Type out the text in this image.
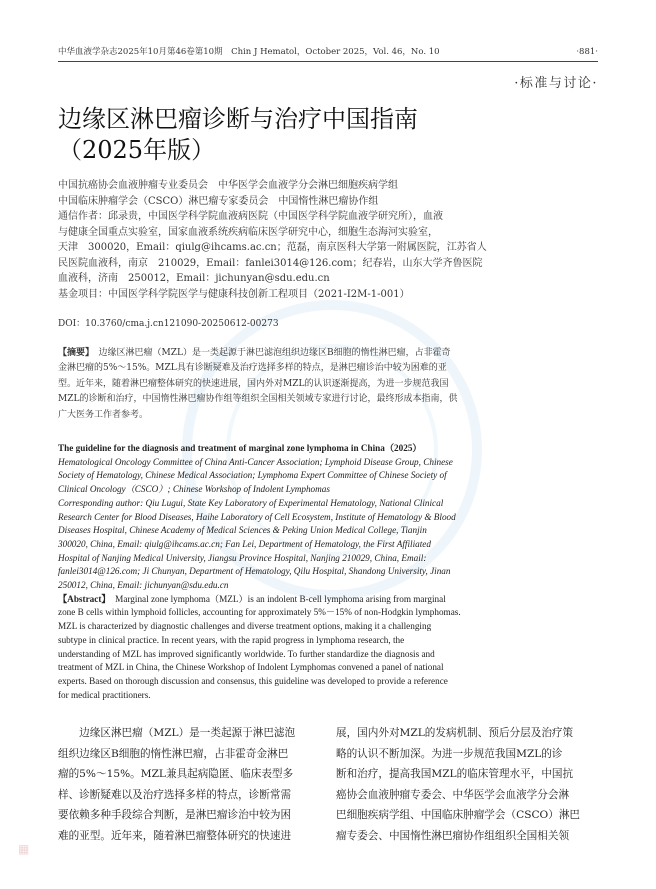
中华血液学杂志2025年10月第46卷第10期　Chin J Hematol，October 2025，Vol. 46，No. 10	·881·
·标准与讨论·
边缘区淋巴瘤诊断与治疗中国指南
（2025年版）
中国抗癌协会血液肿瘤专业委员会　中华医学会血液学分会淋巴细胞疾病学组
中国临床肿瘤学会（CSCO）淋巴瘤专家委员会　中国惰性淋巴瘤协作组
通信作者：邱录贵，中国医学科学院血液病医院（中国医学科学院血液学研究所），血液
与健康全国重点实验室，国家血液系统疾病临床医学研究中心，细胞生态海河实验室，
天津　300020，Email：qiulg@ihcams.ac.cn；范磊，南京医科大学第一附属医院，江苏省人
民医院血液科，南京　210029，Email：fanlei3014@126.com；纪春岩，山东大学齐鲁医院
血液科，济南　250012，Email：jichunyan@sdu.edu.cn
基金项目：中国医学科学院医学与健康科技创新工程项目（2021-I2M-1-001）
DOI：10.3760/cma.j.cn121090-20250612-00273
【摘要】　边缘区淋巴瘤（MZL）是一类起源于淋巴滤泡组织边缘区B细胞的惰性淋巴瘤，占非霍奇
金淋巴瘤的5%～15%。MZL具有诊断疑难及治疗选择多样的特点，是淋巴瘤诊治中较为困难的亚
型。近年来，随着淋巴瘤整体研究的快速进展，国内外对MZL的认识逐渐提高，为进一步规范我国
MZL的诊断和治疗，中国惰性淋巴瘤协作组等组织全国相关领域专家进行讨论，最终形成本指南，供
广大医务工作者参考。
The guideline for the diagnosis and treatment of marginal zone lymphoma in China（2025）
Hematological Oncology Committee of China Anti-Cancer Association; Lymphoid Disease Group, Chinese
Society of Hematology, Chinese Medical Association; Lymphoma Expert Committee of Chinese Society of
Clinical Oncology（CSCO）; Chinese Workshop of Indolent Lymphomas
Corresponding author: Qiu Lugui, State Key Laboratory of Experimental Hematology, National Clinical
Research Center for Blood Diseases, Haihe Laboratory of Cell Ecosystem, Institute of Hematology & Blood
Diseases Hospital, Chinese Academy of Medical Sciences & Peking Union Medical College, Tianjin
300020, China, Email: qiulg@ihcams.ac.cn; Fan Lei, Department of Hematology, the First Affiliated
Hospital of Nanjing Medical University, Jiangsu Province Hospital, Nanjing 210029, China, Email:
fanlei3014@126.com; Ji Chunyan, Department of Hematology, Qilu Hospital, Shandong University, Jinan
250012, China, Email: jichunyan@sdu.edu.cn
【Abstract】　Marginal zone lymphoma（MZL）is an indolent B-cell lymphoma arising from marginal
zone B cells within lymphoid follicles, accounting for approximately 5%－15% of non-Hodgkin lymphomas.
MZL is characterized by diagnostic challenges and diverse treatment options, making it a challenging
subtype in clinical practice. In recent years, with the rapid progress in lymphoma research, the
understanding of MZL has improved significantly worldwide. To further standardize the diagnosis and
treatment of MZL in China, the Chinese Workshop of Indolent Lymphomas convened a panel of national
experts. Based on thorough discussion and consensus, this guideline was developed to provide a reference
for medical practitioners.
　　边缘区淋巴瘤（MZL）是一类起源于淋巴滤泡
组织边缘区B细胞的惰性淋巴瘤，占非霍奇金淋巴
瘤的5%～15%。MZL兼具起病隐匿、临床表型多
样、诊断疑难以及治疗选择多样的特点，诊断常需
要依赖多种手段综合判断，是淋巴瘤诊治中较为困
难的亚型。近年来，随着淋巴瘤整体研究的快速进
展，国内外对MZL的发病机制、预后分层及治疗策
略的认识不断加深。为进一步规范我国MZL的诊
断和治疗，提高我国MZL的临床管理水平，中国抗
癌协会血液肿瘤专委会、中华医学会血液学分会淋
巴细胞疾病学组、中国临床肿瘤学会（CSCO）淋巴
瘤专委会、中国惰性淋巴瘤协作组组织全国相关领
▦
